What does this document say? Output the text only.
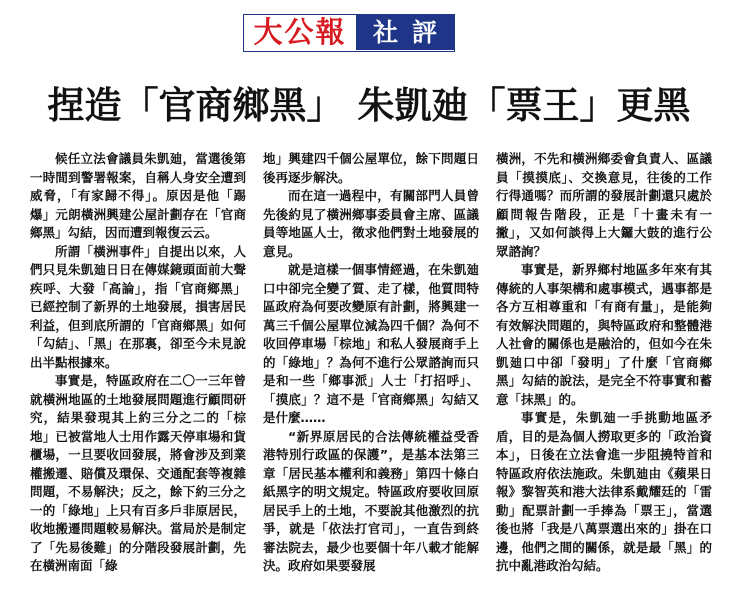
大公報	社評
捏造「官商鄉黑」 朱凱廸「票王」更黑

候任立法會議員朱凱廸，當選後第一時間到警署報案，自稱人身安全遭到威脅，「有家歸不得」。原因是他「踢爆」元朗橫洲興建公屋計劃存在「官商鄉黑」勾結，因而遭到報復云云。

所謂「橫洲事件」自提出以來，人們只見朱凱廸日日在傳媒鏡頭面前大聲疾呼、大發「高論」，指「官商鄉黑」已經控制了新界的土地發展，損害居民利益，但到底所謂的「官商鄉黑」如何「勾結」、「黑」在那裏，卻至今未見說出半點根據來。

事實是，特區政府在二〇一三年曾就橫洲地區的土地發展問題進行顧問研究，結果發現其上約三分之二的「棕地」已被當地人士用作露天停車場和貨櫃場，一旦要收回發展，將會涉及到業權搬遷、賠償及環保、交通配套等複雜問題，不易解決；反之，餘下約三分之一的「綠地」上只有百多戶非原居民，收地搬遷問題較易解決。當局於是制定了「先易後難」的分階段發展計劃，先在橫洲南面「綠

地」興建四千個公屋單位，餘下問題日後再逐步解決。

而在這一過程中，有關部門人員曾先後約見了橫洲鄉事委員會主席、區議員等地區人士，徵求他們對土地發展的意見。

就是這樣一個事情經過，在朱凱廸口中卻完全變了質、走了樣，他質問特區政府為何要改變原有計劃，將興建一萬三千個公屋單位減為四千個？為何不收回停車場「棕地」和私人發展商手上的「綠地」？為何不進行公眾諮詢而只是和一些「鄉事派」人士「打招呼」、「摸底」？這不是「官商鄉黑」勾結又是什麼……

“新界原居民的合法傳統權益受香港特別行政區的保護”，是基本法第三章「居民基本權利和義務」第四十條白紙黑字的明文規定。特區政府要收回原居民手上的土地，不要說其他激烈的抗爭，就是「依法打官司」，一直告到終審法院去，最少也要個十年八載才能解決。政府如果要發展

橫洲，不先和橫洲鄉委會負責人、區議員「摸摸底」、交換意見，往後的工作行得通嗎？而所謂的發展計劃還只處於顧問報告階段，正是「十畫未有一撇」，又如何談得上大鑼大鼓的進行公眾諮詢？

事實是，新界鄉村地區多年來有其傳統的人事架構和處事模式，遇事都是各方互相尊重和「有商有量」，是能夠有效解決問題的，與特區政府和整體港人社會的關係也是融洽的，但如今在朱凱廸口中卻「發明」了什麼「官商鄉黑」勾結的說法，是完全不符事實和蓄意「抹黑」的。

事實是，朱凱廸一手挑動地區矛盾，目的是為個人撈取更多的「政治資本」，日後在立法會進一步阻撓特首和特區政府依法施政。朱凱廸由《蘋果日報》黎智英和港大法律系戴耀廷的「雷動」配票計劃一手捧為「票王」，當選後也將「我是八萬票選出來的」掛在口邊，他們之間的關係，就是最「黑」的抗中亂港政治勾結。
